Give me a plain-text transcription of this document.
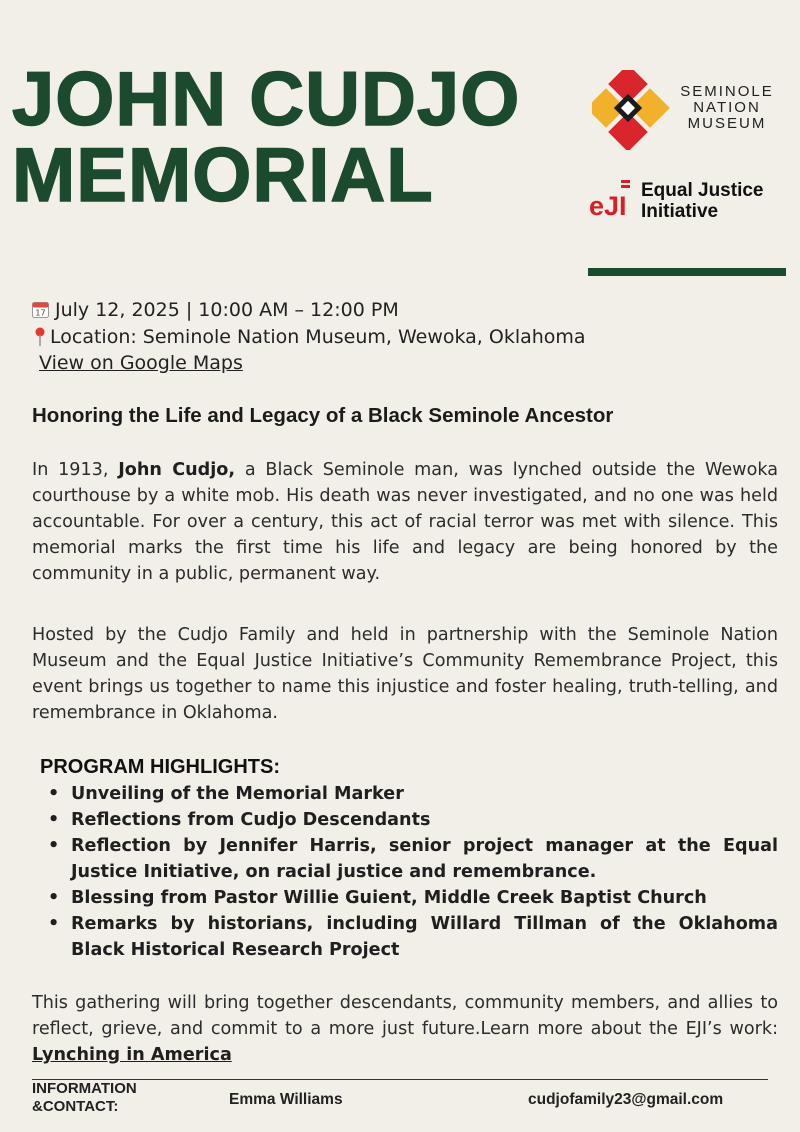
JOHN CUDJO
MEMORIAL
SEMINOLE
NATION
MUSEUM
eJI
Equal Justice
Initiative
17 July 12, 2025 | 10:00 AM – 12:00 PM
Location: Seminole Nation Museum, Wewoka, Oklahoma
View on Google Maps
Honoring the Life and Legacy of a Black Seminole Ancestor
In 1913, John Cudjo, a Black Seminole man, was lynched outside the Wewoka courthouse by a white mob. His death was never investigated, and no one was held accountable. For over a century, this act of racial terror was met with silence. This memorial marks the first time his life and legacy are being honored by the community in a public, permanent way.
Hosted by the Cudjo Family and held in partnership with the Seminole Nation Museum and the Equal Justice Initiative’s Community Remembrance Project, this event brings us together to name this injustice and foster healing, truth-telling, and remembrance in Oklahoma.
PROGRAM HIGHLIGHTS:
• Unveiling of the Memorial Marker
• Reflections from Cudjo Descendants
• Reflection by Jennifer Harris, senior project manager at the Equal Justice Initiative, on racial justice and remembrance.
• Blessing from Pastor Willie Guient, Middle Creek Baptist Church
• Remarks by historians, including Willard Tillman of the Oklahoma Black Historical Research Project
This gathering will bring together descendants, community members, and allies to reflect, grieve, and commit to a more just future.Learn more about the EJI’s work: Lynching in America
INFORMATION
&CONTACT:	Emma Williams	cudjofamily23@gmail.com
